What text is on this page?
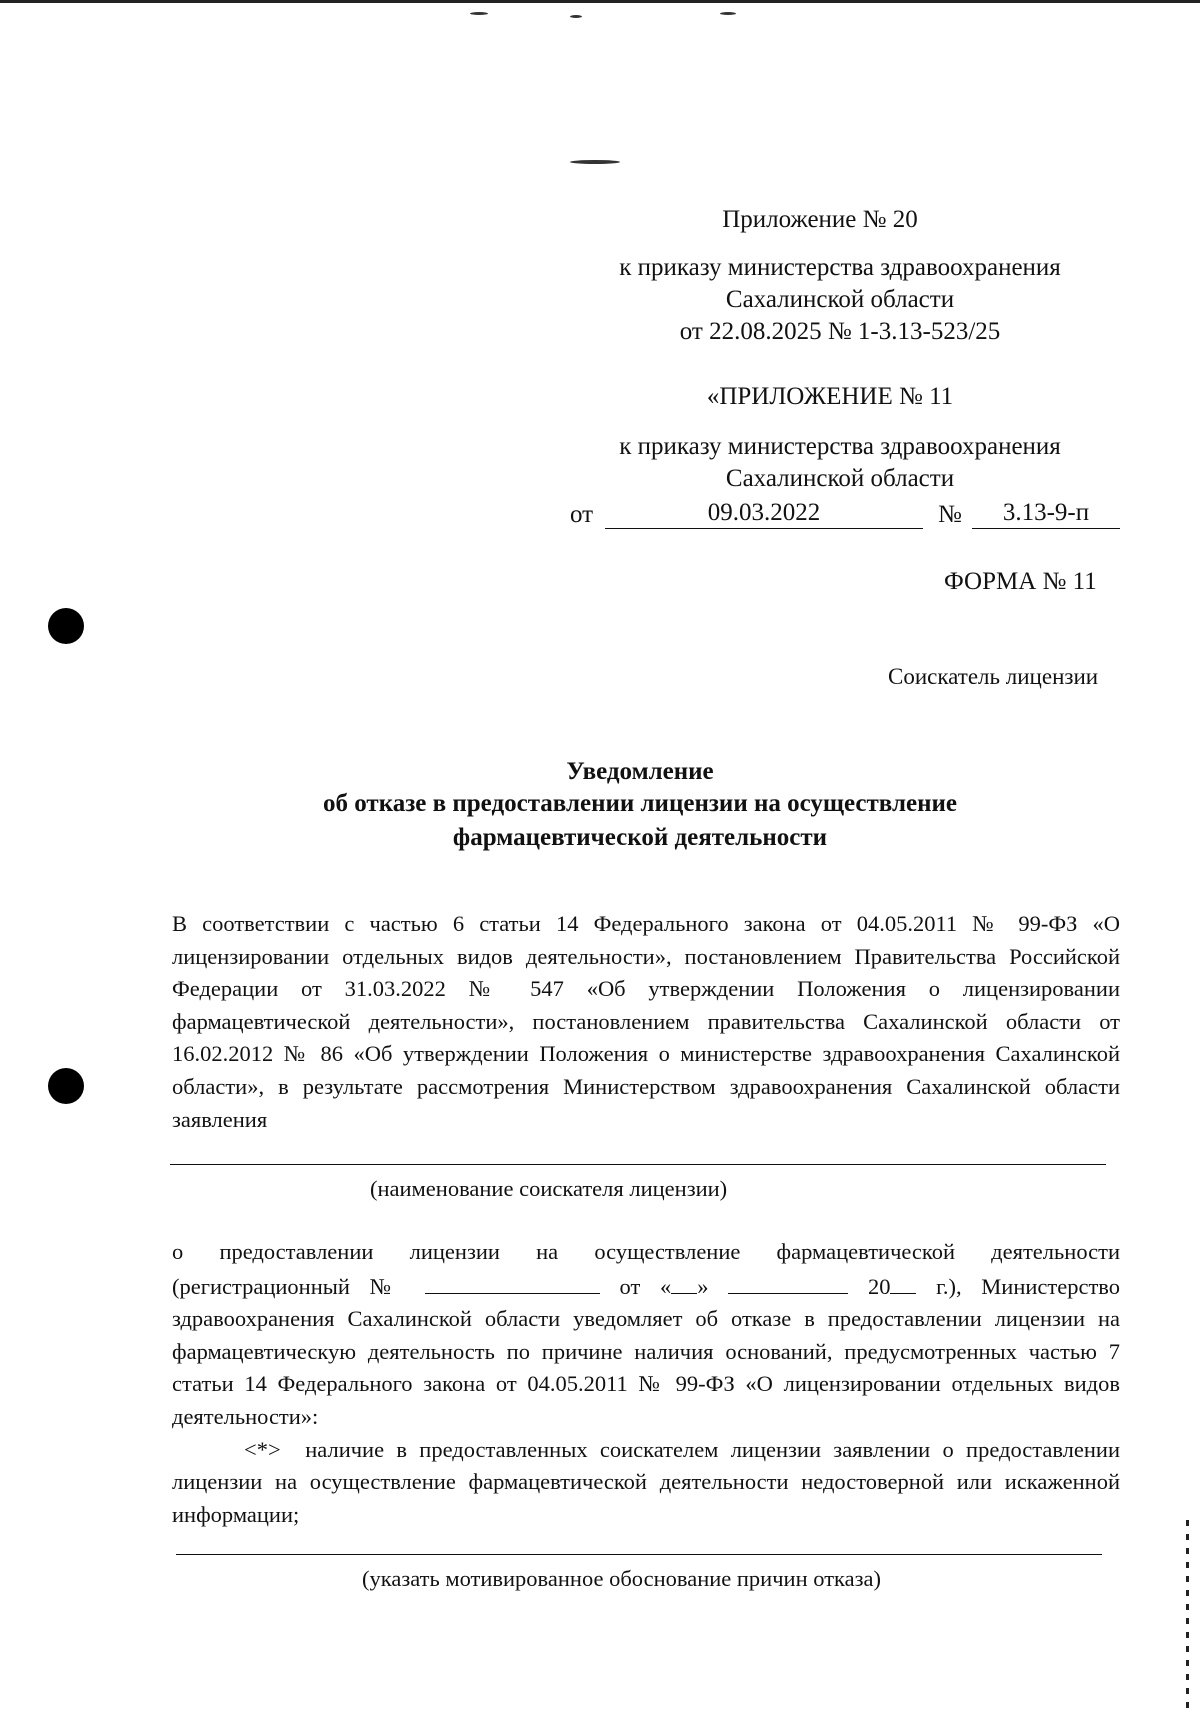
Приложение № 20
к приказу министерства здравоохранения
Сахалинской области
от 22.08.2025 № 1-3.13-523/25
«ПРИЛОЖЕНИЕ № 11
к приказу министерства здравоохранения
Сахалинской области
от	09.03.2022	№	3.13-9-п
ФОРМА № 11
Соискатель лицензии
Уведомление
об отказе в предоставлении лицензии на осуществление
фармацевтической деятельности

В соответствии с частью 6 статьи 14 Федерального закона от 04.05.2011 № 99-ФЗ «О лицензировании отдельных видов деятельности», постановлением Правительства Российской Федерации от 31.03.2022 № 547 «Об утверждении Положения о лицензировании фармацевтической деятельности», постановлением правительства Сахалинской области от 16.02.2012 № 86 «Об утверждении Положения о министерстве здравоохранения Сахалинской области», в результате рассмотрения Министерством здравоохранения Сахалинской области заявления

(наименование соискателя лицензии)

о предоставлении лицензии на осуществление фармацевтической деятельности (регистрационный №	от « »	20 г.), Министерство здравоохранения Сахалинской области уведомляет об отказе в предоставлении лицензии на фармацевтическую деятельность по причине наличия оснований, предусмотренных частью 7 статьи 14 Федерального закона от 04.05.2011 № 99-ФЗ «О лицензировании отдельных видов деятельности»:

<*> наличие в предоставленных соискателем лицензии заявлении о предоставлении лицензии на осуществление фармацевтической деятельности недостоверной или искаженной информации;

(указать мотивированное обоснование причин отказа)
